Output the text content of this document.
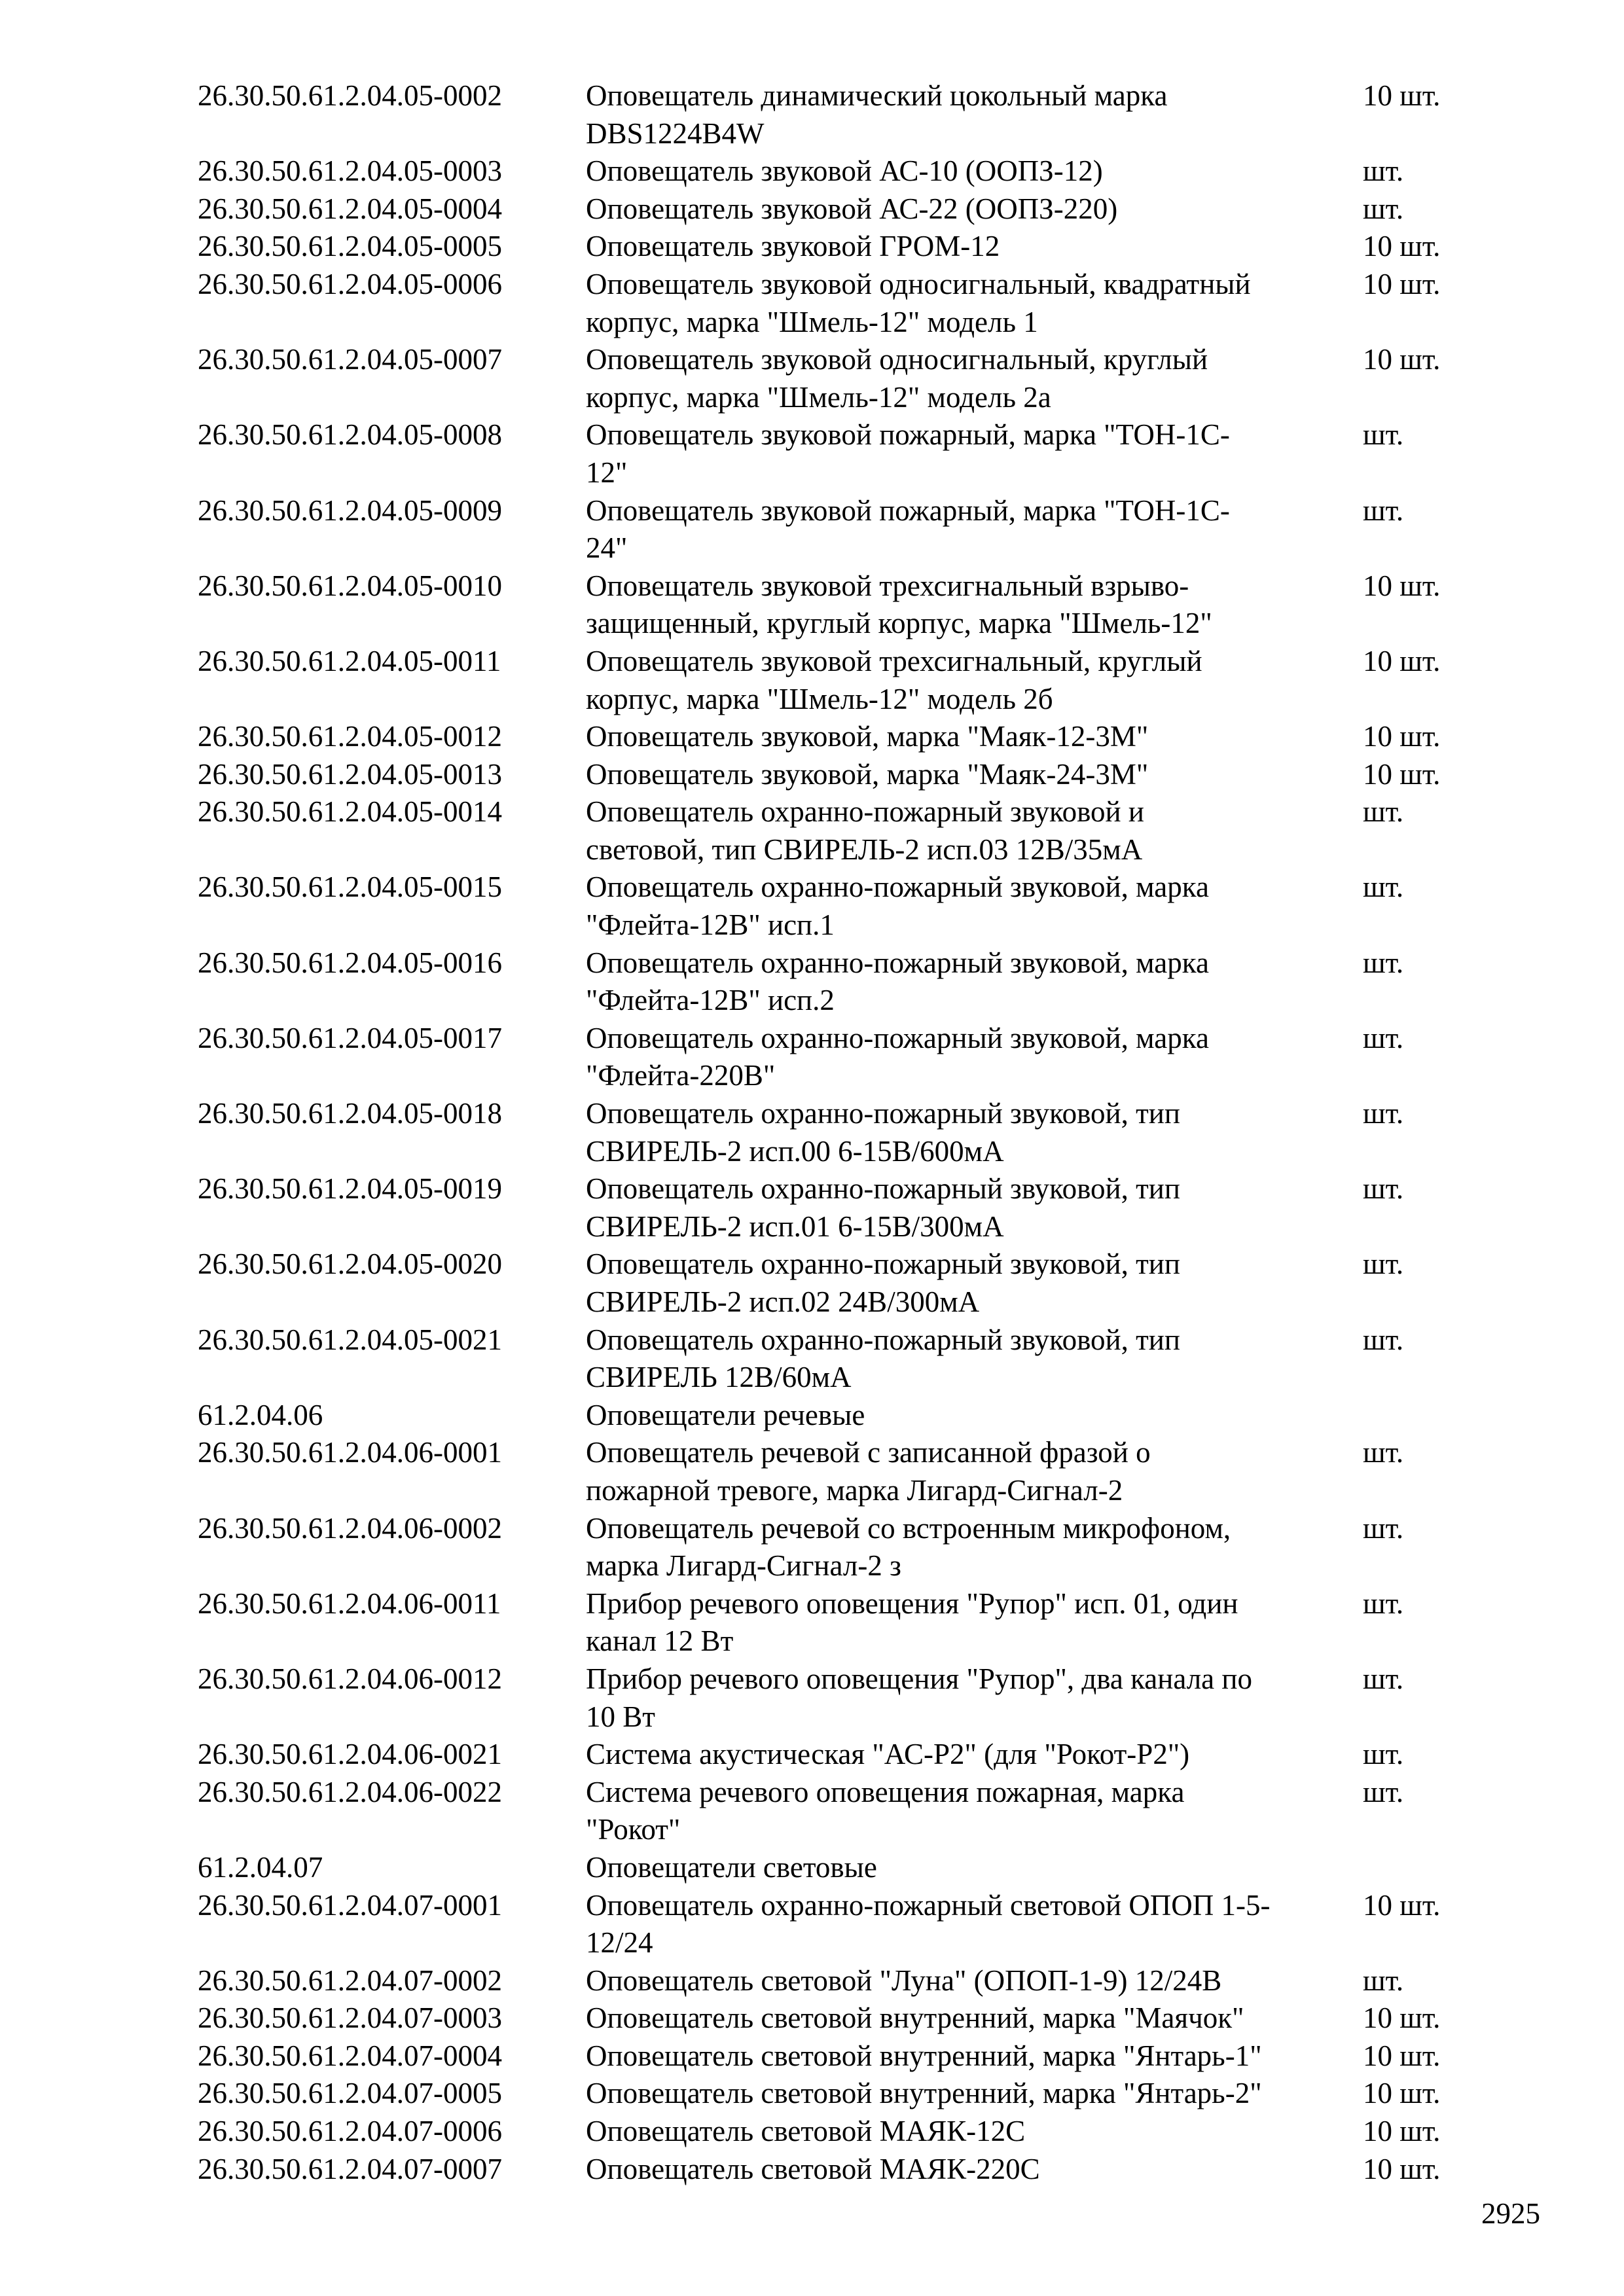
26.30.50.61.2.04.05-0002	Оповещатель динамический цокольный марка
DBS1224B4W
10 шт.
26.30.50.61.2.04.05-0003	Оповещатель звуковой АС-10 (ООПЗ-12)	шт.
26.30.50.61.2.04.05-0004	Оповещатель звуковой АС-22 (ООПЗ-220)	шт.
26.30.50.61.2.04.05-0005	Оповещатель звуковой ГРОМ-12	10 шт.
26.30.50.61.2.04.05-0006	Оповещатель звуковой односигнальный, квадратный
корпус, марка "Шмель-12" модель 1
10 шт.
26.30.50.61.2.04.05-0007	Оповещатель звуковой односигнальный, круглый
корпус, марка "Шмель-12" модель 2а
10 шт.
26.30.50.61.2.04.05-0008	Оповещатель звуковой пожарный, марка "ТОН-1С-
12"
шт.
26.30.50.61.2.04.05-0009	Оповещатель звуковой пожарный, марка "ТОН-1С-
24"
шт.
26.30.50.61.2.04.05-0010	Оповещатель звуковой трехсигнальный взрыво-
защищенный, круглый корпус, марка "Шмель-12"
10 шт.
26.30.50.61.2.04.05-0011	Оповещатель звуковой трехсигнальный, круглый
корпус, марка "Шмель-12" модель 2б
10 шт.
26.30.50.61.2.04.05-0012	Оповещатель звуковой, марка "Маяк-12-3М"	10 шт.
26.30.50.61.2.04.05-0013	Оповещатель звуковой, марка "Маяк-24-3М"	10 шт.
26.30.50.61.2.04.05-0014	Оповещатель охранно-пожарный звуковой и
световой, тип СВИРЕЛЬ-2 исп.03 12В/35мА
шт.
26.30.50.61.2.04.05-0015	Оповещатель охранно-пожарный звуковой, марка
"Флейта-12В" исп.1
шт.
26.30.50.61.2.04.05-0016	Оповещатель охранно-пожарный звуковой, марка
"Флейта-12В" исп.2
шт.
26.30.50.61.2.04.05-0017	Оповещатель охранно-пожарный звуковой, марка
"Флейта-220В"
шт.
26.30.50.61.2.04.05-0018	Оповещатель охранно-пожарный звуковой, тип
СВИРЕЛЬ-2 исп.00 6-15В/600мА
шт.
26.30.50.61.2.04.05-0019	Оповещатель охранно-пожарный звуковой, тип
СВИРЕЛЬ-2 исп.01 6-15В/300мА
шт.
26.30.50.61.2.04.05-0020	Оповещатель охранно-пожарный звуковой, тип
СВИРЕЛЬ-2 исп.02 24В/300мА
шт.
26.30.50.61.2.04.05-0021	Оповещатель охранно-пожарный звуковой, тип
СВИРЕЛЬ 12В/60мА
шт.
61.2.04.06	Оповещатели речевые
26.30.50.61.2.04.06-0001	Оповещатель речевой с записанной фразой о
пожарной тревоге, марка Лигард-Сигнал-2
шт.
26.30.50.61.2.04.06-0002	Оповещатель речевой со встроенным микрофоном,
марка Лигард-Сигнал-2 з
шт.
26.30.50.61.2.04.06-0011	Прибор речевого оповещения "Рупор" исп. 01, один
канал 12 Вт
шт.
26.30.50.61.2.04.06-0012	Прибор речевого оповещения "Рупор", два канала по
10 Вт
шт.
26.30.50.61.2.04.06-0021	Система акустическая "АС-Р2" (для "Рокот-Р2")	шт.
26.30.50.61.2.04.06-0022	Система речевого оповещения пожарная, марка
"Рокот"
шт.
61.2.04.07	Оповещатели световые
26.30.50.61.2.04.07-0001	Оповещатель охранно-пожарный световой ОПОП 1-5-
12/24
10 шт.
26.30.50.61.2.04.07-0002	Оповещатель световой "Луна" (ОПОП-1-9) 12/24В	шт.
26.30.50.61.2.04.07-0003	Оповещатель световой внутренний, марка "Маячок"	10 шт.
26.30.50.61.2.04.07-0004	Оповещатель световой внутренний, марка "Янтарь-1"	10 шт.
26.30.50.61.2.04.07-0005	Оповещатель световой внутренний, марка "Янтарь-2"	10 шт.
26.30.50.61.2.04.07-0006	Оповещатель световой МАЯК-12С	10 шт.
26.30.50.61.2.04.07-0007	Оповещатель световой МАЯК-220С	10 шт.
2925
